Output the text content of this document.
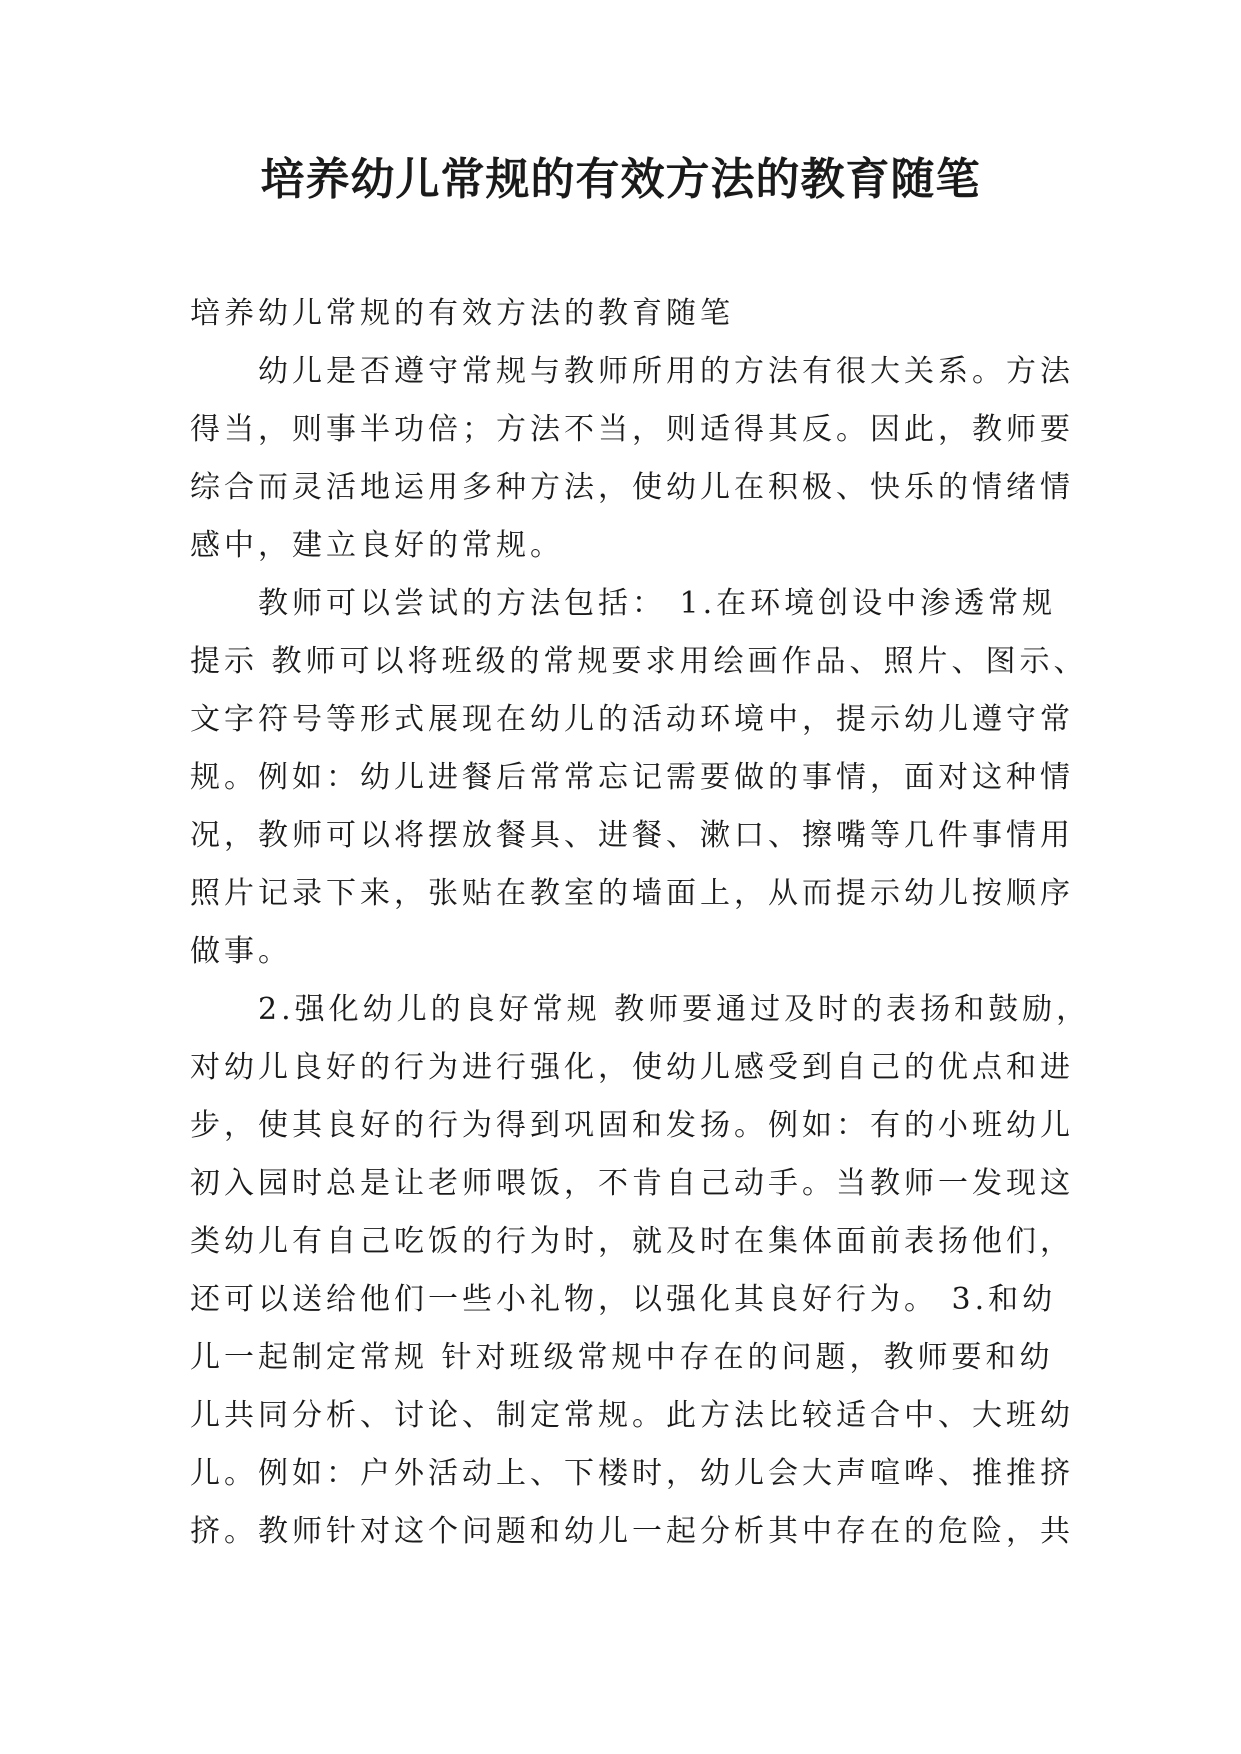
培养幼儿常规的有效方法的教育随笔
培养幼儿常规的有效方法的教育随笔
幼儿是否遵守常规与教师所用的方法有很大关系。方法
得当，则事半功倍；方法不当，则适得其反。因此，教师要
综合而灵活地运用多种方法，使幼儿在积极、快乐的情绪情
感中，建立良好的常规。
教师可以尝试的方法包括： 1.在环境创设中渗透常规
提示 教师可以将班级的常规要求用绘画作品、照片、图示、
文字符号等形式展现在幼儿的活动环境中，提示幼儿遵守常
规。例如：幼儿进餐后常常忘记需要做的事情，面对这种情
况，教师可以将摆放餐具、进餐、漱口、擦嘴等几件事情用
照片记录下来，张贴在教室的墙面上，从而提示幼儿按顺序
做事。
2.强化幼儿的良好常规 教师要通过及时的表扬和鼓励，
对幼儿良好的行为进行强化，使幼儿感受到自己的优点和进
步，使其良好的行为得到巩固和发扬。例如：有的小班幼儿
初入园时总是让老师喂饭，不肯自己动手。当教师一发现这
类幼儿有自己吃饭的行为时，就及时在集体面前表扬他们，
还可以送给他们一些小礼物，以强化其良好行为。 3.和幼
儿一起制定常规 针对班级常规中存在的问题，教师要和幼
儿共同分析、讨论、制定常规。此方法比较适合中、大班幼
儿。例如：户外活动上、下楼时，幼儿会大声喧哗、推推挤
挤。教师针对这个问题和幼儿一起分析其中存在的危险，共
